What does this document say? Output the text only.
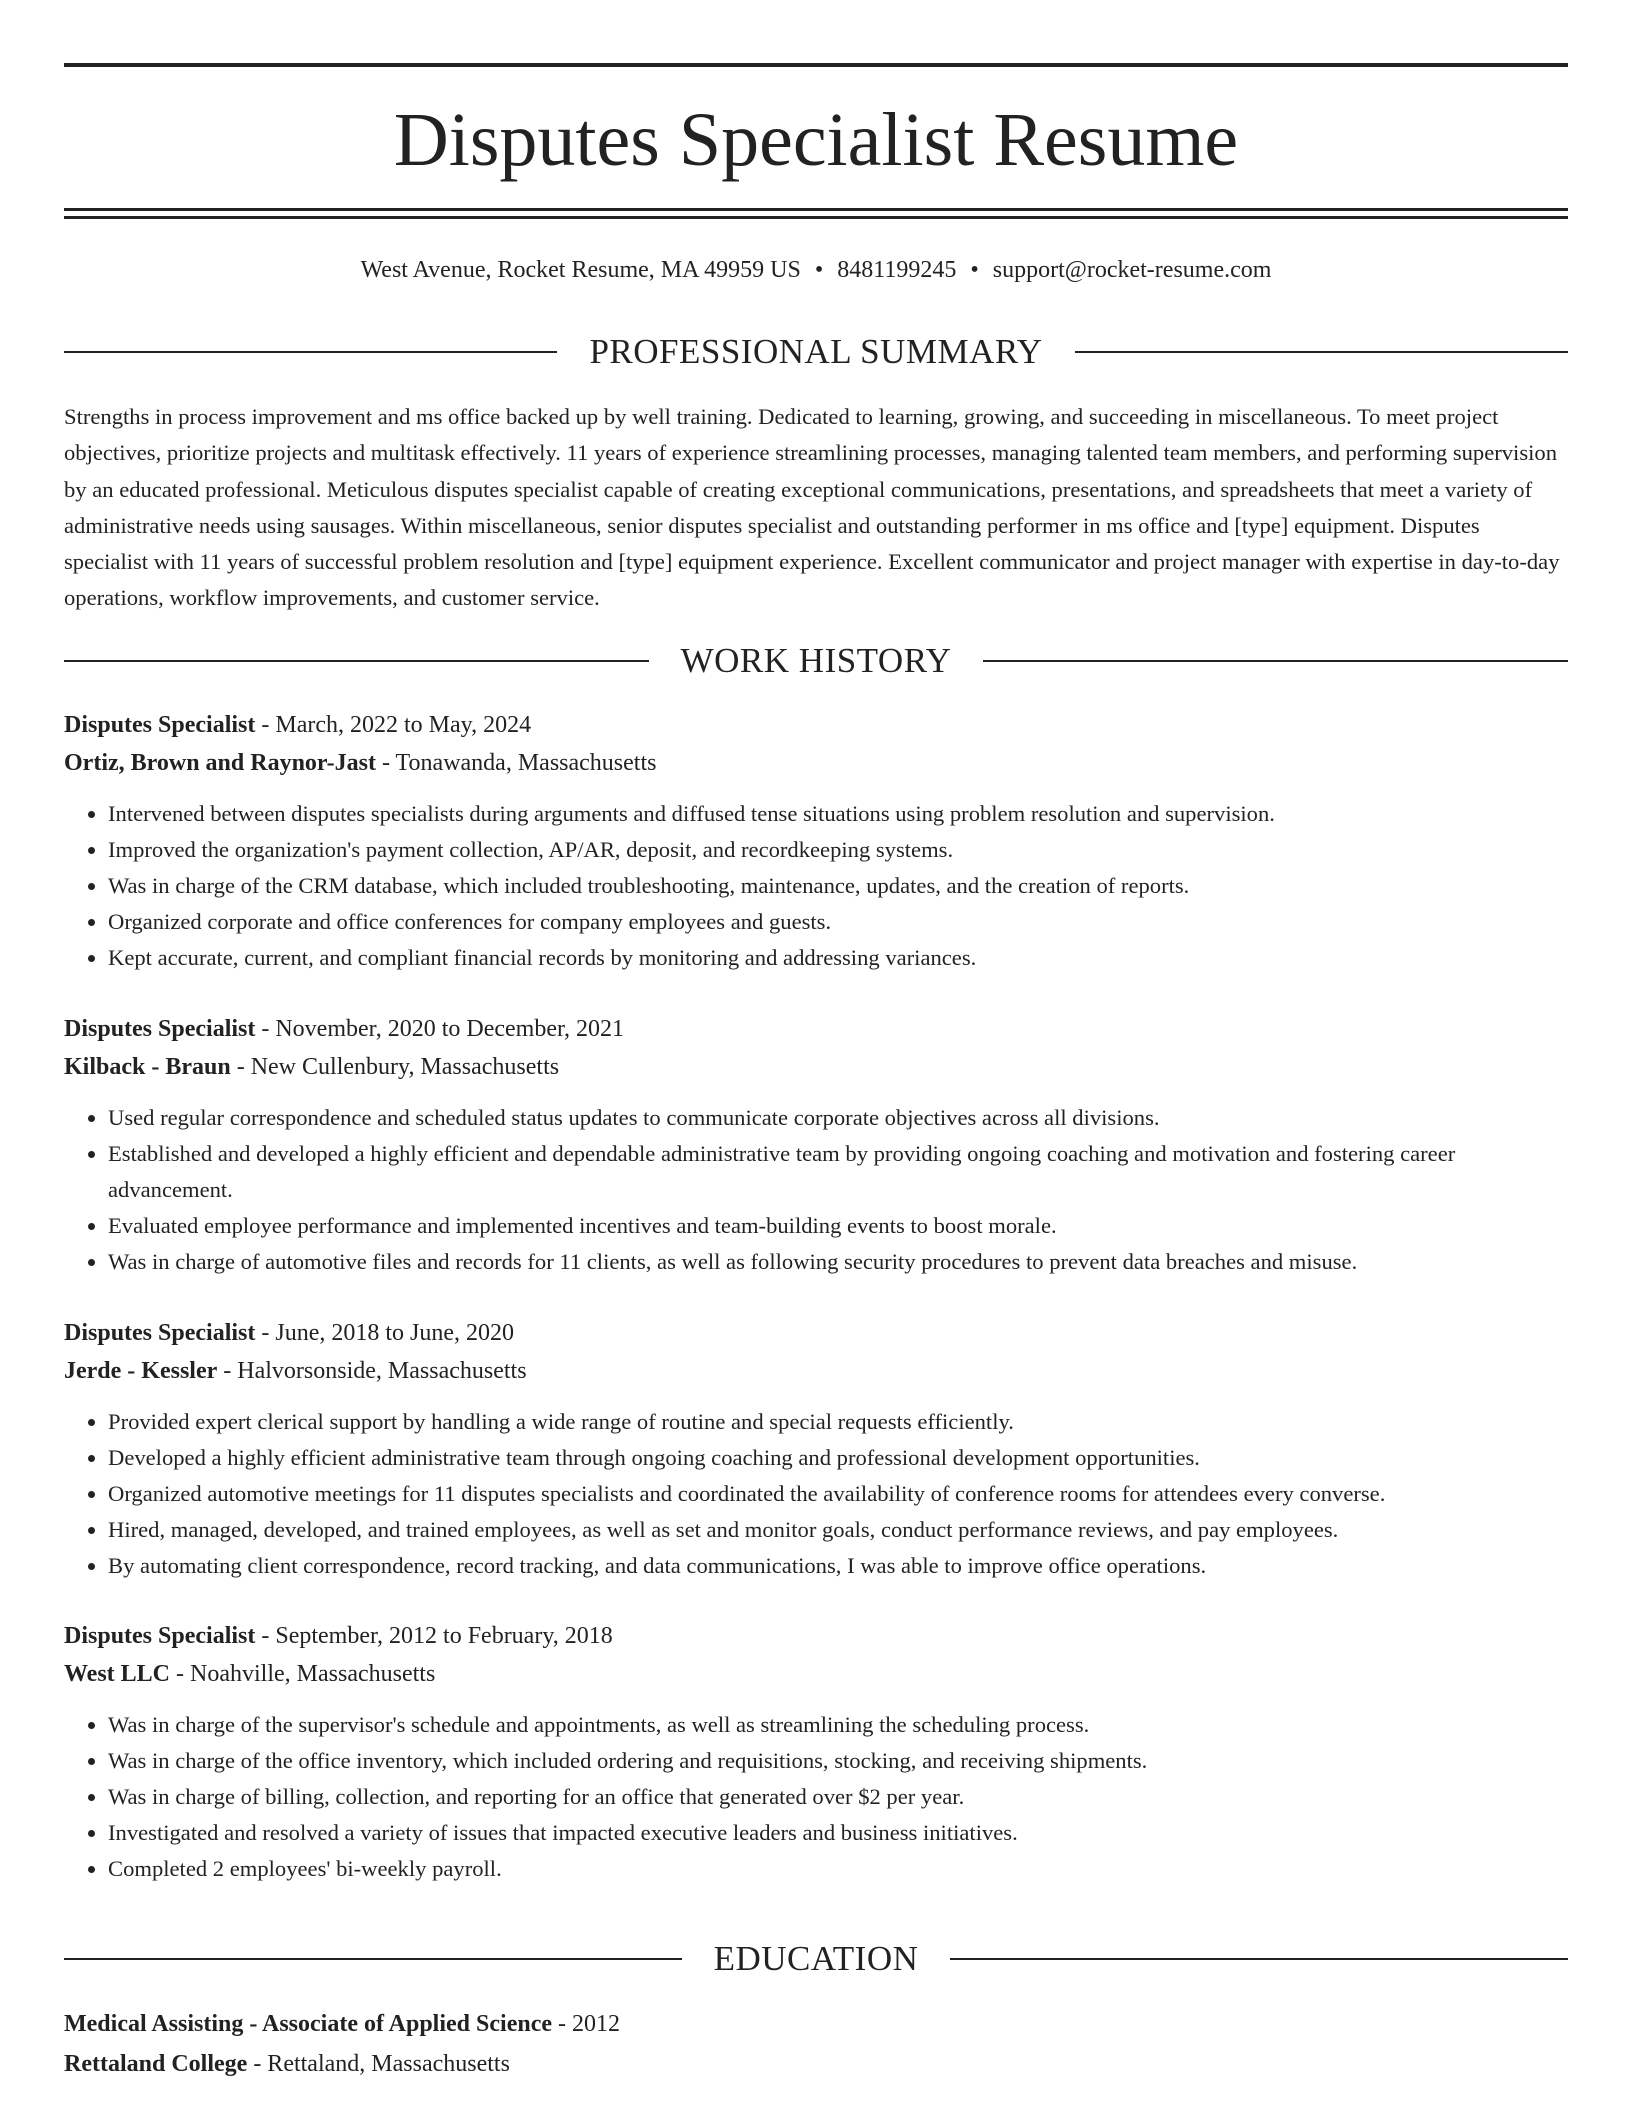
Disputes Specialist Resume
West Avenue, Rocket Resume, MA 49959 US • 8481199245 • support@rocket-resume.com
PROFESSIONAL SUMMARY

Strengths in process improvement and ms office backed up by well training. Dedicated to learning, growing, and succeeding in miscellaneous. To meet project objectives, prioritize projects and multitask effectively. 11 years of experience streamlining processes, managing talented team members, and performing supervision by an educated professional. Meticulous disputes specialist capable of creating exceptional communications, presentations, and spreadsheets that meet a variety of administrative needs using sausages. Within miscellaneous, senior disputes specialist and outstanding performer in ms office and [type] equipment. Disputes specialist with 11 years of successful problem resolution and [type] equipment experience. Excellent communicator and project manager with expertise in day-to-day operations, workflow improvements, and customer service.

WORK HISTORY

Disputes Specialist - March, 2022 to May, 2024

Ortiz, Brown and Raynor-Jast - Tonawanda, Massachusetts

• Intervened between disputes specialists during arguments and diffused tense situations using problem resolution and supervision.
• Improved the organization's payment collection, AP/AR, deposit, and recordkeeping systems.
• Was in charge of the CRM database, which included troubleshooting, maintenance, updates, and the creation of reports.
• Organized corporate and office conferences for company employees and guests.
• Kept accurate, current, and compliant financial records by monitoring and addressing variances.

Disputes Specialist - November, 2020 to December, 2021

Kilback - Braun - New Cullenbury, Massachusetts

• Used regular correspondence and scheduled status updates to communicate corporate objectives across all divisions.
• Established and developed a highly efficient and dependable administrative team by providing ongoing coaching and motivation and fostering career advancement.
• Evaluated employee performance and implemented incentives and team-building events to boost morale.
• Was in charge of automotive files and records for 11 clients, as well as following security procedures to prevent data breaches and misuse.

Disputes Specialist - June, 2018 to June, 2020

Jerde - Kessler - Halvorsonside, Massachusetts

• Provided expert clerical support by handling a wide range of routine and special requests efficiently.
• Developed a highly efficient administrative team through ongoing coaching and professional development opportunities.
• Organized automotive meetings for 11 disputes specialists and coordinated the availability of conference rooms for attendees every converse.
• Hired, managed, developed, and trained employees, as well as set and monitor goals, conduct performance reviews, and pay employees.
• By automating client correspondence, record tracking, and data communications, I was able to improve office operations.

Disputes Specialist - September, 2012 to February, 2018

West LLC - Noahville, Massachusetts

• Was in charge of the supervisor's schedule and appointments, as well as streamlining the scheduling process.
• Was in charge of the office inventory, which included ordering and requisitions, stocking, and receiving shipments.
• Was in charge of billing, collection, and reporting for an office that generated over $2 per year.
• Investigated and resolved a variety of issues that impacted executive leaders and business initiatives.
• Completed 2 employees' bi-weekly payroll.
EDUCATION

Medical Assisting - Associate of Applied Science - 2012

Rettaland College - Rettaland, Massachusetts
